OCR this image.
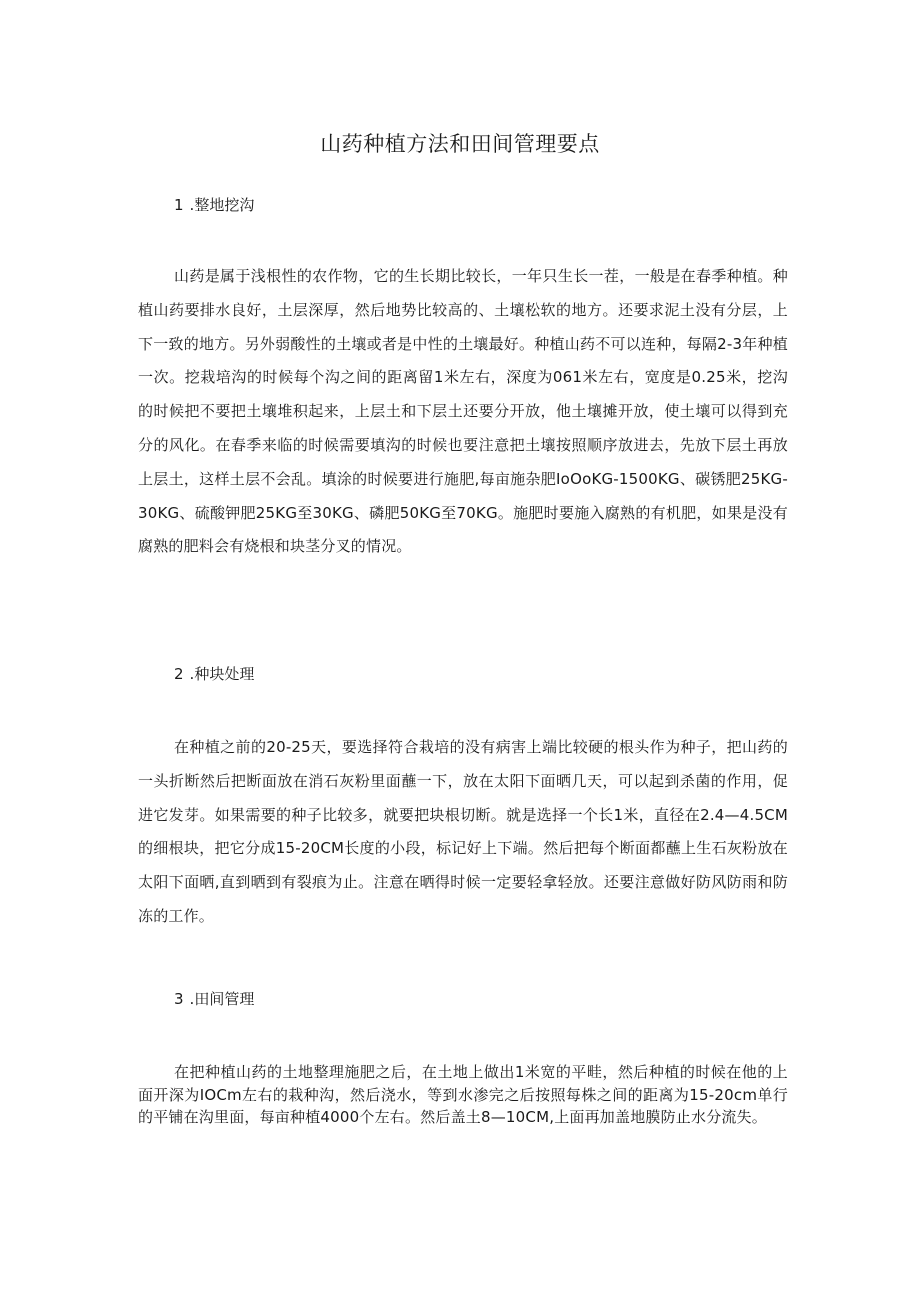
山药种植方法和田间管理要点
1 .整地挖沟

山药是属于浅根性的农作物，它的生长期比较长，一年只生长一茬，一般是在春季种植。种植山药要排水良好，土层深厚，然后地势比较高的、土壤松软的地方。还要求泥土没有分层，上下一致的地方。另外弱酸性的土壤或者是中性的土壤最好。种植山药不可以连种，每隔2-3年种植一次。挖栽培沟的时候每个沟之间的距离留1米左右，深度为061米左右，宽度是0.25米，挖沟的时候把不要把土壤堆积起来，上层土和下层土还要分开放，他土壤摊开放，使土壤可以得到充分的风化。在春季来临的时候需要填沟的时候也要注意把土壤按照顺序放进去，先放下层土再放上层土，这样土层不会乱。填涂的时候要进行施肥,每亩施杂肥IoOoKG-1500KG、碳锈肥25KG-30KG、硫酸钾肥25KG至30KG、磷肥50KG至70KG。施肥时要施入腐熟的有机肥，如果是没有腐熟的肥料会有烧根和块茎分叉的情况。

2 .种块处理

在种植之前的20-25天，要选择符合栽培的没有病害上端比较硬的根头作为种子，把山药的一头折断然后把断面放在消石灰粉里面蘸一下，放在太阳下面晒几天，可以起到杀菌的作用，促进它发芽。如果需要的种子比较多，就要把块根切断。就是选择一个长1米，直径在2.4—4.5CM的细根块，把它分成15-20CM长度的小段，标记好上下端。然后把每个断面都蘸上生石灰粉放在太阳下面晒,直到晒到有裂痕为止。注意在晒得时候一定要轻拿轻放。还要注意做好防风防雨和防冻的工作。

3 .田间管理

在把种植山药的土地整理施肥之后，在土地上做出1米宽的平畦，然后种植的时候在他的上面开深为IOCm左右的栽种沟，然后浇水，等到水渗完之后按照每株之间的距离为15-20cm单行的平铺在沟里面，每亩种植4000个左右。然后盖土8—10CM,上面再加盖地膜防止水分流失。
